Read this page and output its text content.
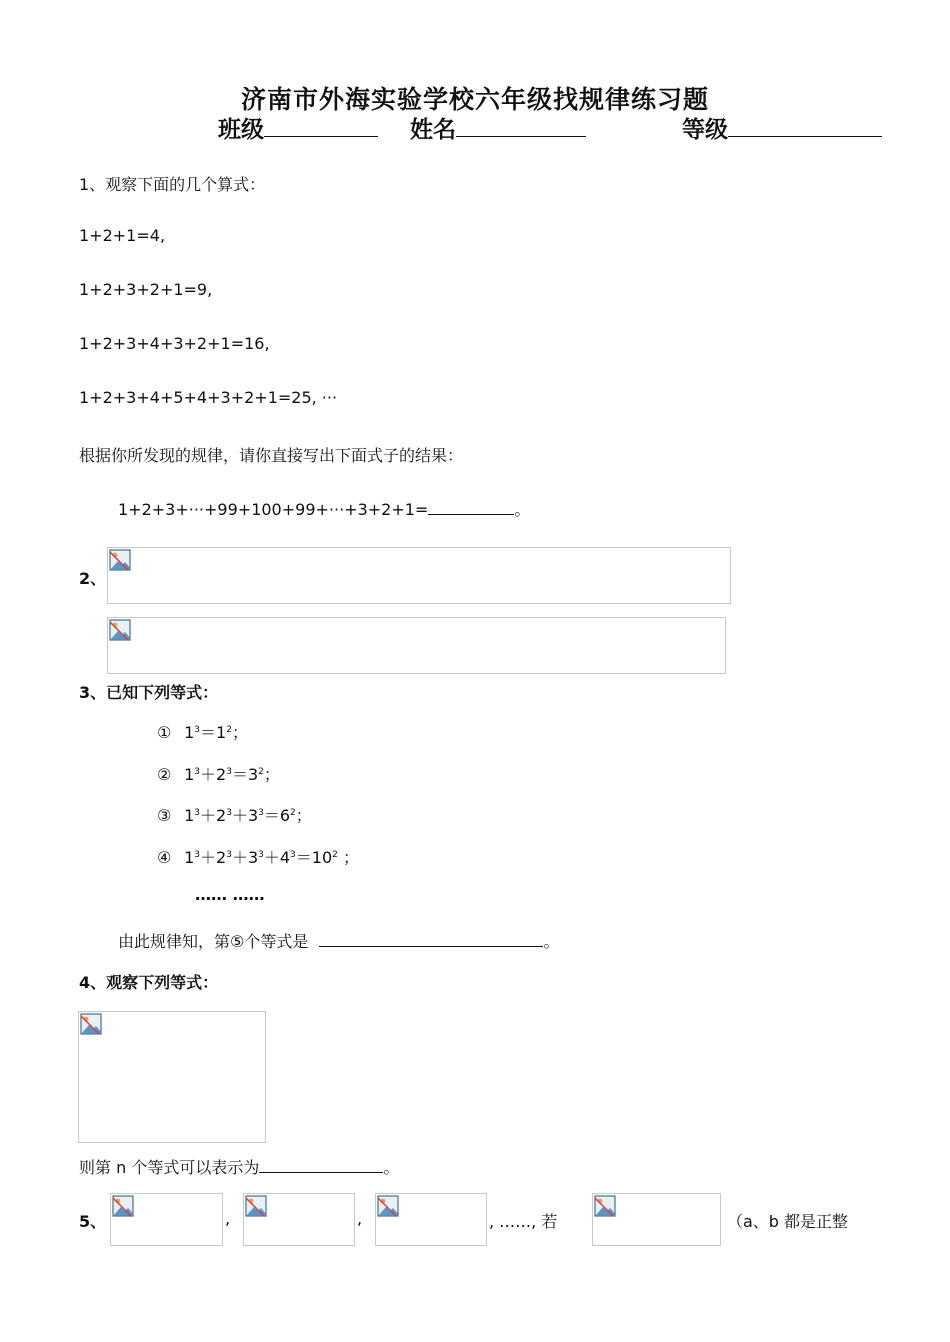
济南市外海实验学校六年级找规律练习题
班级	姓名	等级
1、观察下面的几个算式：
1+2+1=4,
1+2+3+2+1=9,
1+2+3+4+3+2+1=16,
1+2+3+4+5+4+3+2+1=25, ···
根据你所发现的规律，请你直接写出下面式子的结果：
1+2+3+···+99+100+99+···+3+2+1=	。
2、
3、已知下列等式：
① $1^3=1^2$；
② $1^3+2^3=3^2$；
③ $1^3+2^3+3^3=6^2$；
④ $1^3+2^3+3^3+4^3=10^2$ ；
…… ……
由此规律知，第⑤个等式是	。
4、观察下列等式：
则第 n 个等式可以表示为	。
5、	,	,	, ……, 若	（a、b 都是正整
